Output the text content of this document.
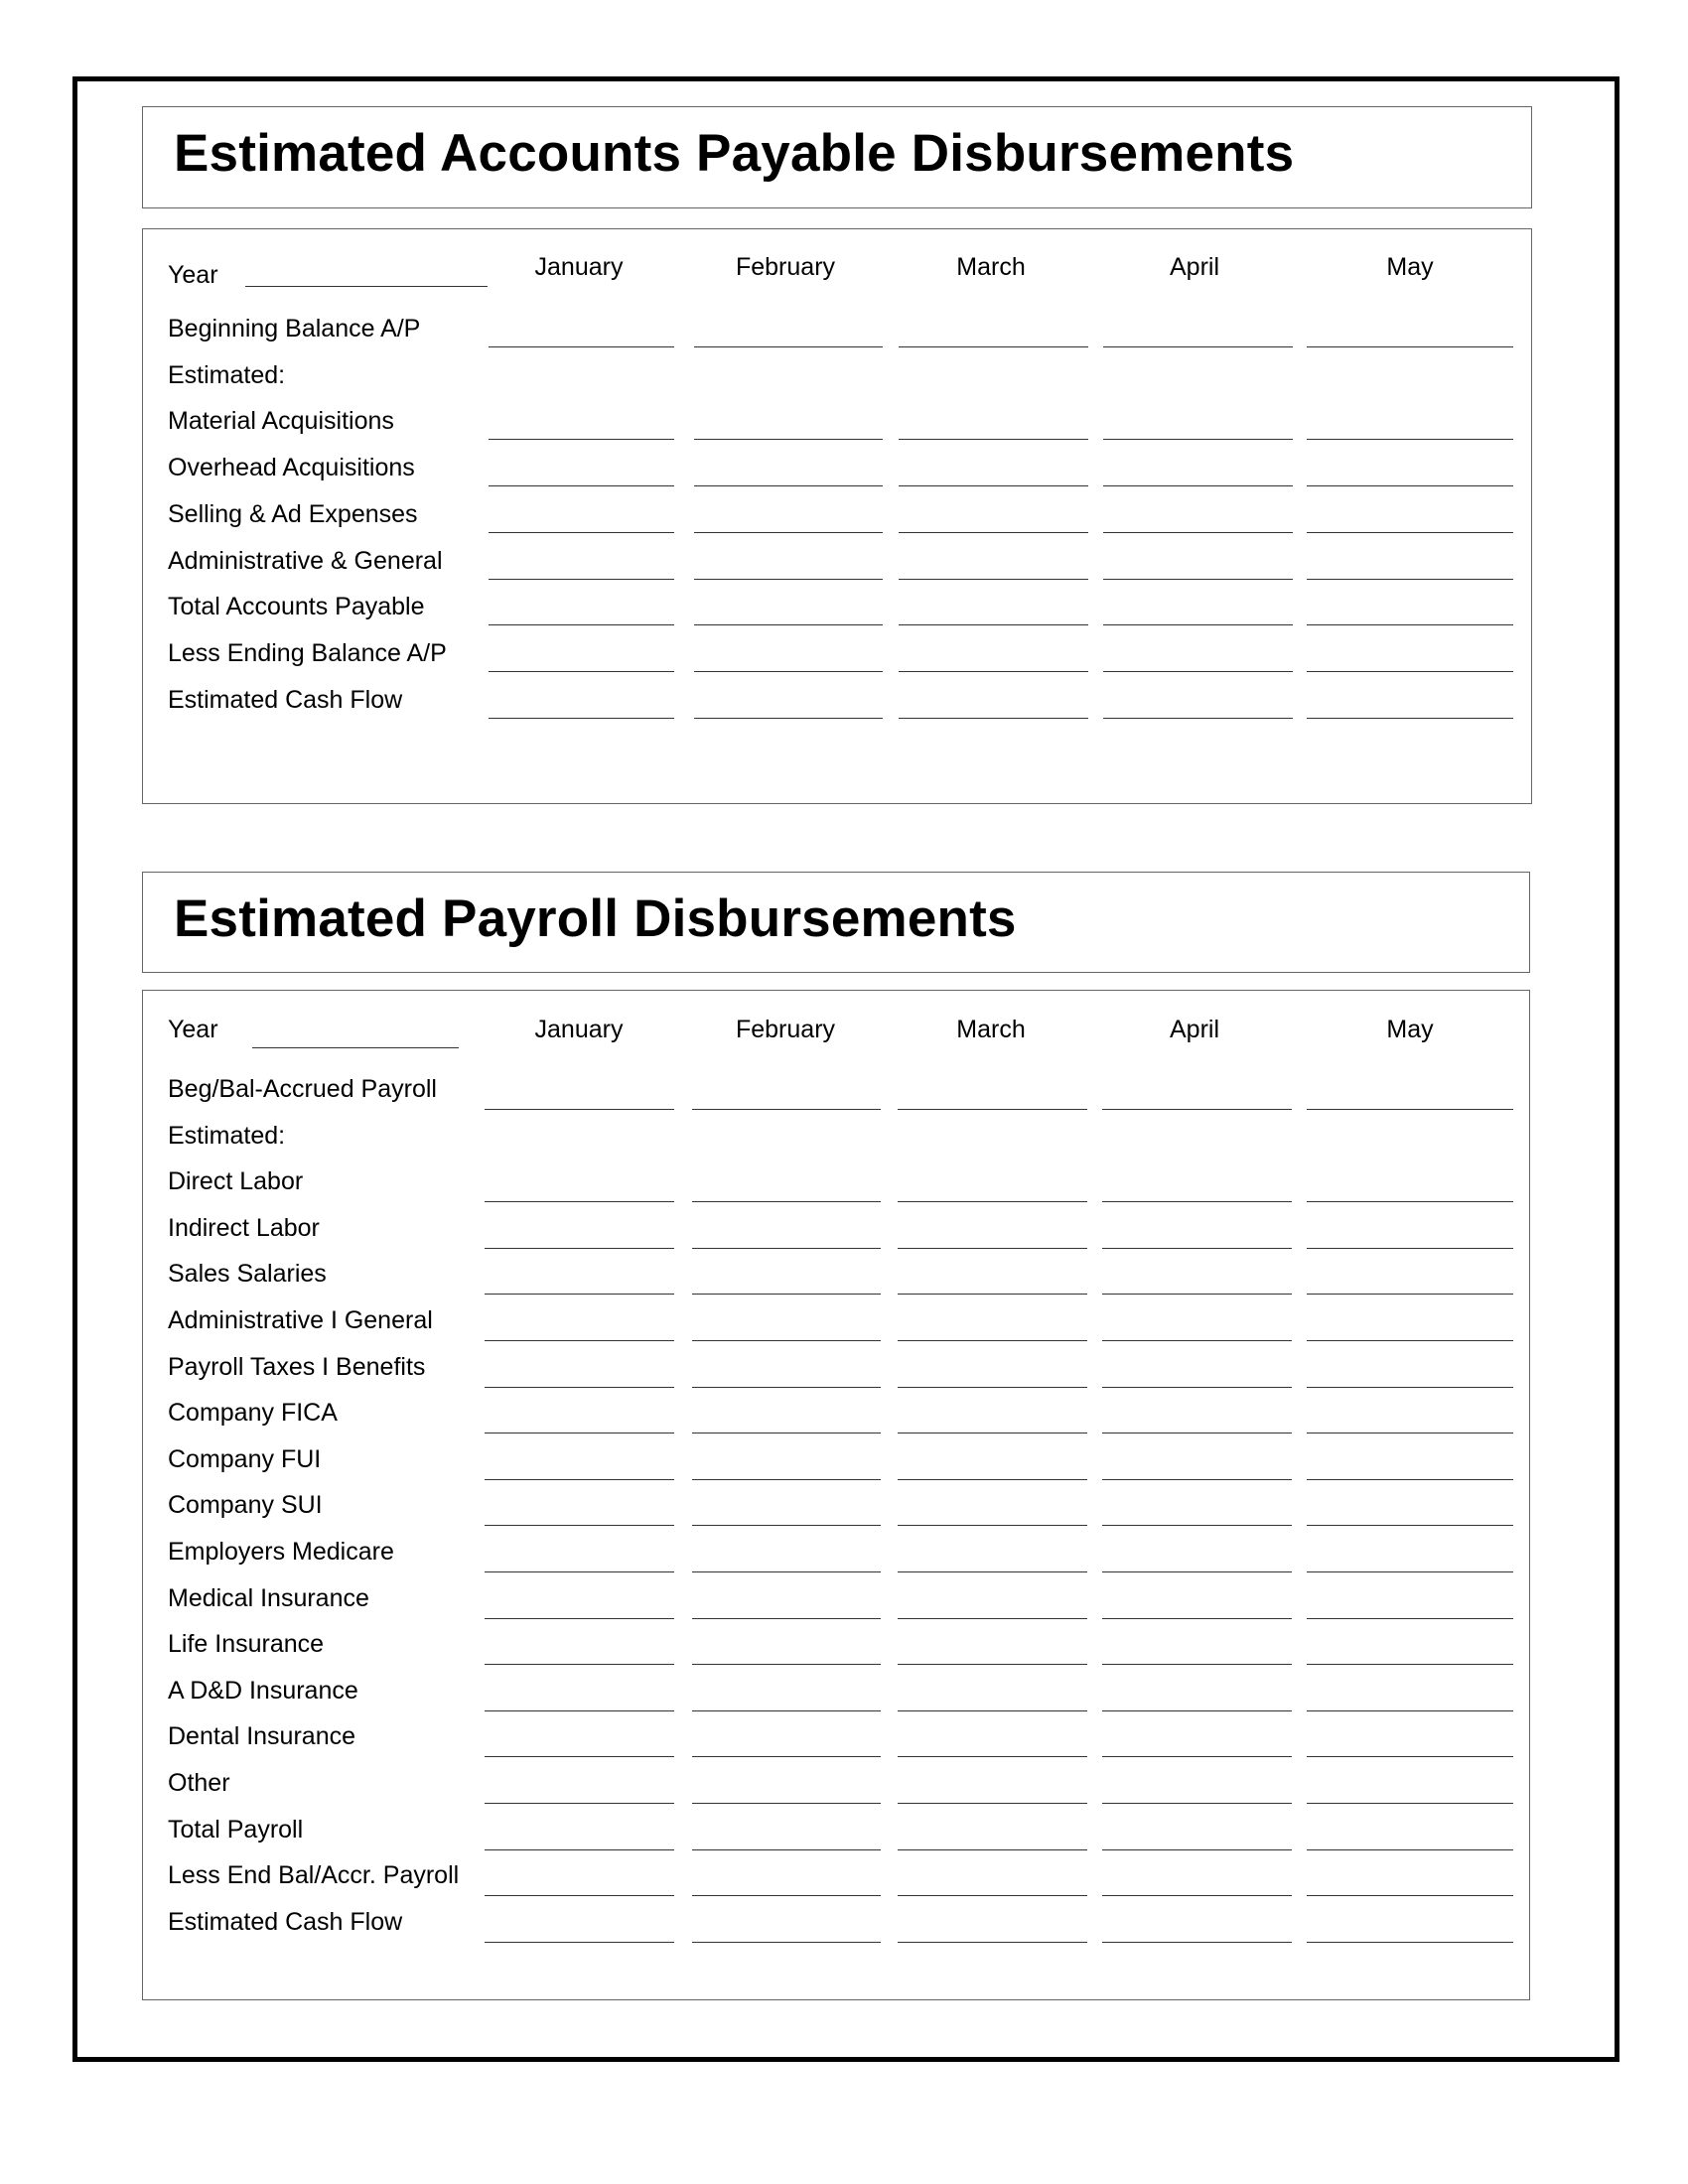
Estimated Accounts Payable Disbursements
Year	January	February	March	April	May
Beginning Balance A/P
Estimated:
Material Acquisitions
Overhead Acquisitions
Selling & Ad Expenses
Administrative & General
Total Accounts Payable
Less Ending Balance A/P
Estimated Cash Flow
Estimated Payroll Disbursements
Year	January	February	March	April	May
Beg/Bal-Accrued Payroll
Estimated:
Direct Labor
Indirect Labor
Sales Salaries
Administrative I General
Payroll Taxes I Benefits
Company FICA
Company FUI
Company SUI
Employers Medicare
Medical Insurance
Life Insurance
A D&D Insurance
Dental Insurance
Other
Total Payroll
Less End Bal/Accr. Payroll
Estimated Cash Flow
